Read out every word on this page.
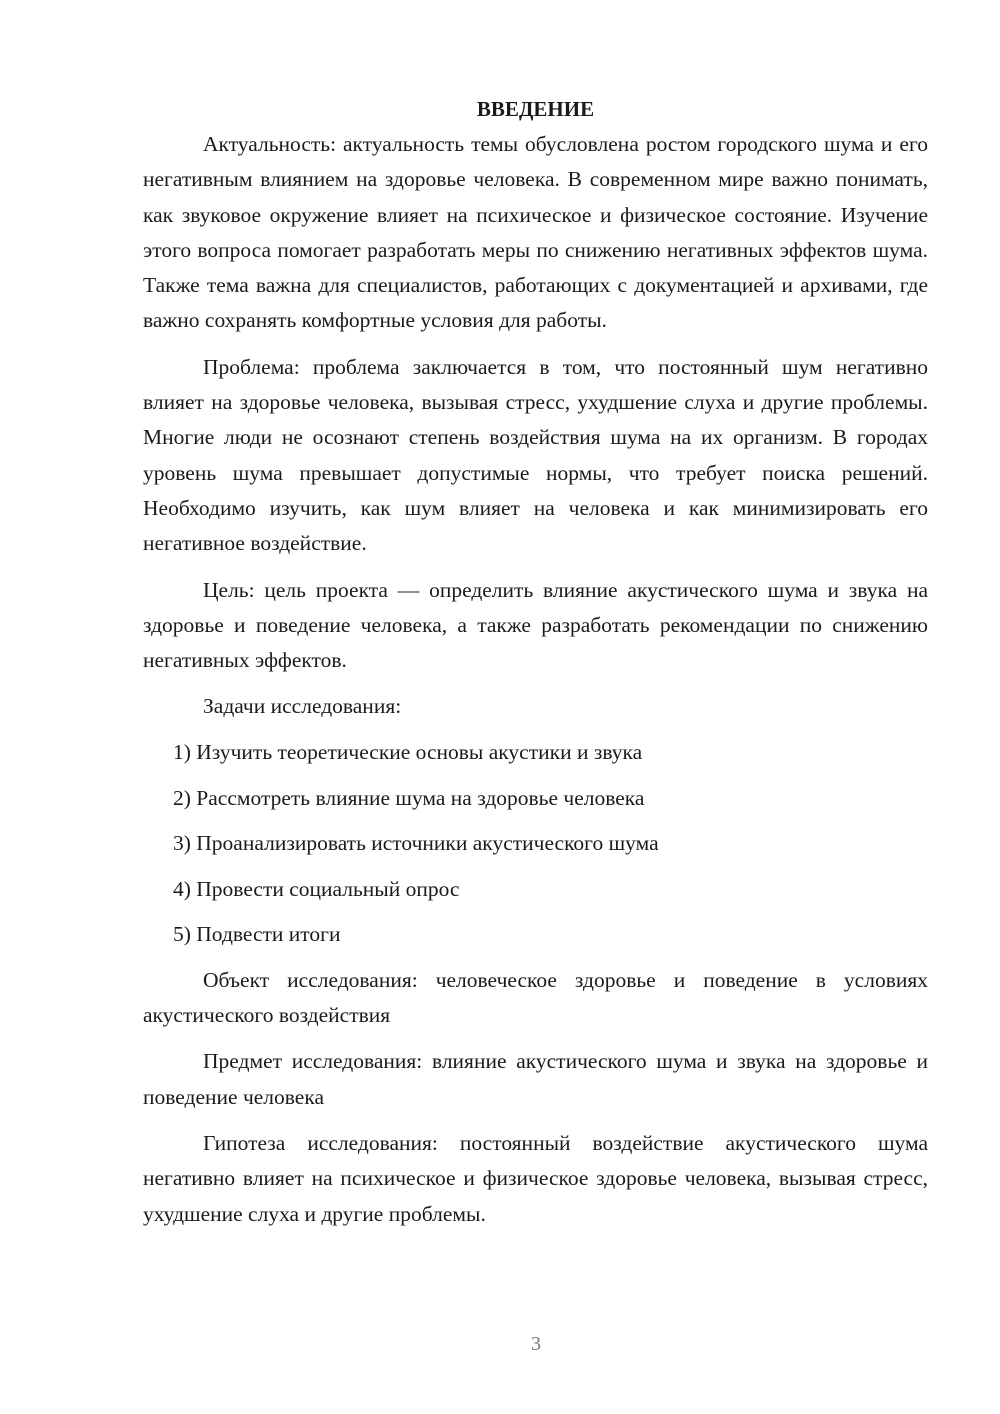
ВВЕДЕНИЕ

Актуальность: актуальность темы обусловлена ростом городского шума и его негативным влиянием на здоровье человека. В современном мире важно понимать, как звуковое окружение влияет на психическое и физическое состояние. Изучение этого вопроса помогает разработать меры по снижению негативных эффектов шума. Также тема важна для специалистов, работающих с документацией и архивами, где важно сохранять комфортные условия для работы.

Проблема: проблема заключается в том, что постоянный шум негативно влияет на здоровье человека, вызывая стресс, ухудшение слуха и другие проблемы. Многие люди не осознают степень воздействия шума на их организм. В городах уровень шума превышает допустимые нормы, что требует поиска решений. Необходимо изучить, как шум влияет на человека и как минимизировать его негативное воздействие.

Цель: цель проекта — определить влияние акустического шума и звука на здоровье и поведение человека, а также разработать рекомендации по снижению негативных эффектов.

Задачи исследования:

1) Изучить теоретические основы акустики и звука
2) Рассмотреть влияние шума на здоровье человека
3) Проанализировать источники акустического шума
4) Провести социальный опрос
5) Подвести итоги

Объект исследования: человеческое здоровье и поведение в условиях акустического воздействия

Предмет исследования: влияние акустического шума и звука на здоровье и поведение человека

Гипотеза исследования: постоянный воздействие акустического шума негативно влияет на психическое и физическое здоровье человека, вызывая стресс, ухудшение слуха и другие проблемы.

3
